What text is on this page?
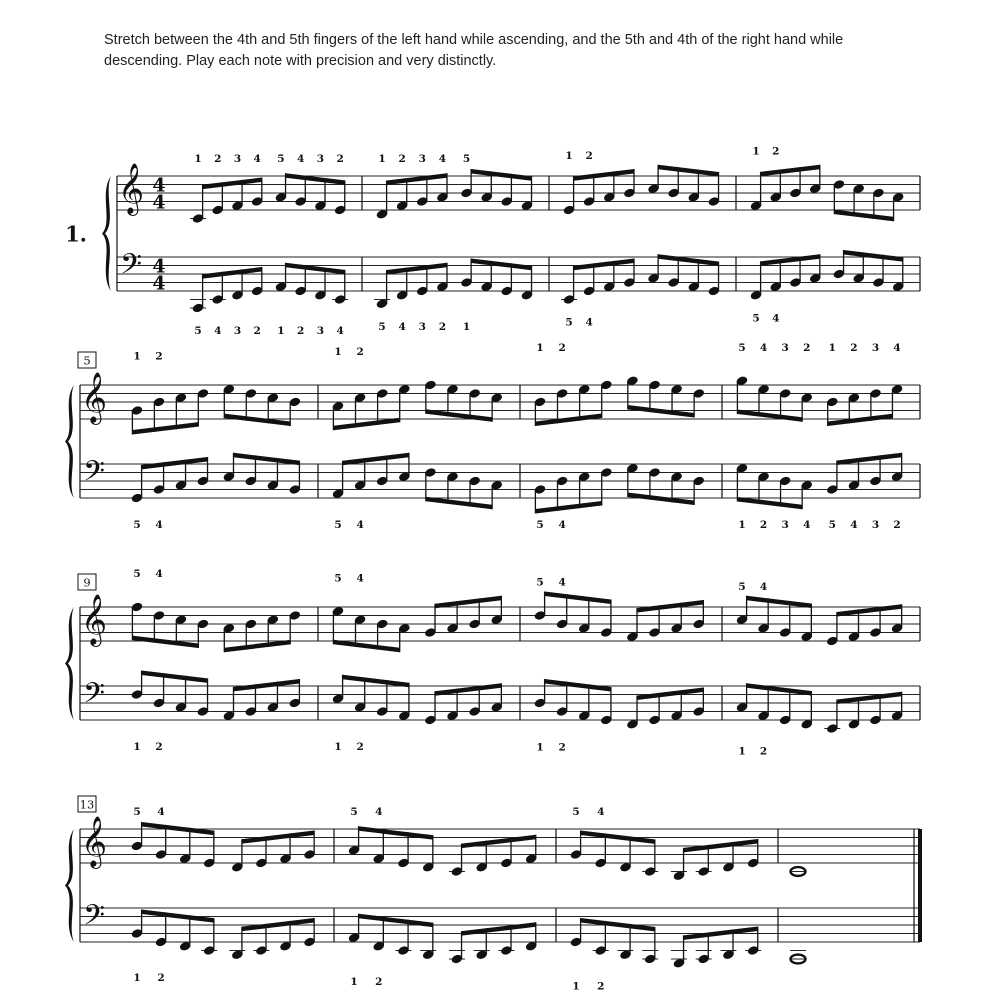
Stretch between the 4th and 5th fingers of the left hand while ascending, and the 5th and 4th of the right hand while descending. Play each note with precision and very distinctly.

𝄞
𝄢
4
4
4
4
1.
1 2 3 4 5 4 3 2
5 4 3 2 1 2 3 4
1 2 3 4 5
5 4 3 2 1
1 2
5 4
1 2
5 4
𝄞
𝄢
5	1 2
5 4
1 2
5 4
1 2
5 4
5 4 3 2 1 2 3 4
1 2 3 4 5 4 3 2
𝄞
𝄢
9
5 4
1 2
5 4
1 2
5 4
1 2
5 4
1 2
𝄞
𝄢
13
5 4
1 2
5 4
1 2
5 4
1 2
